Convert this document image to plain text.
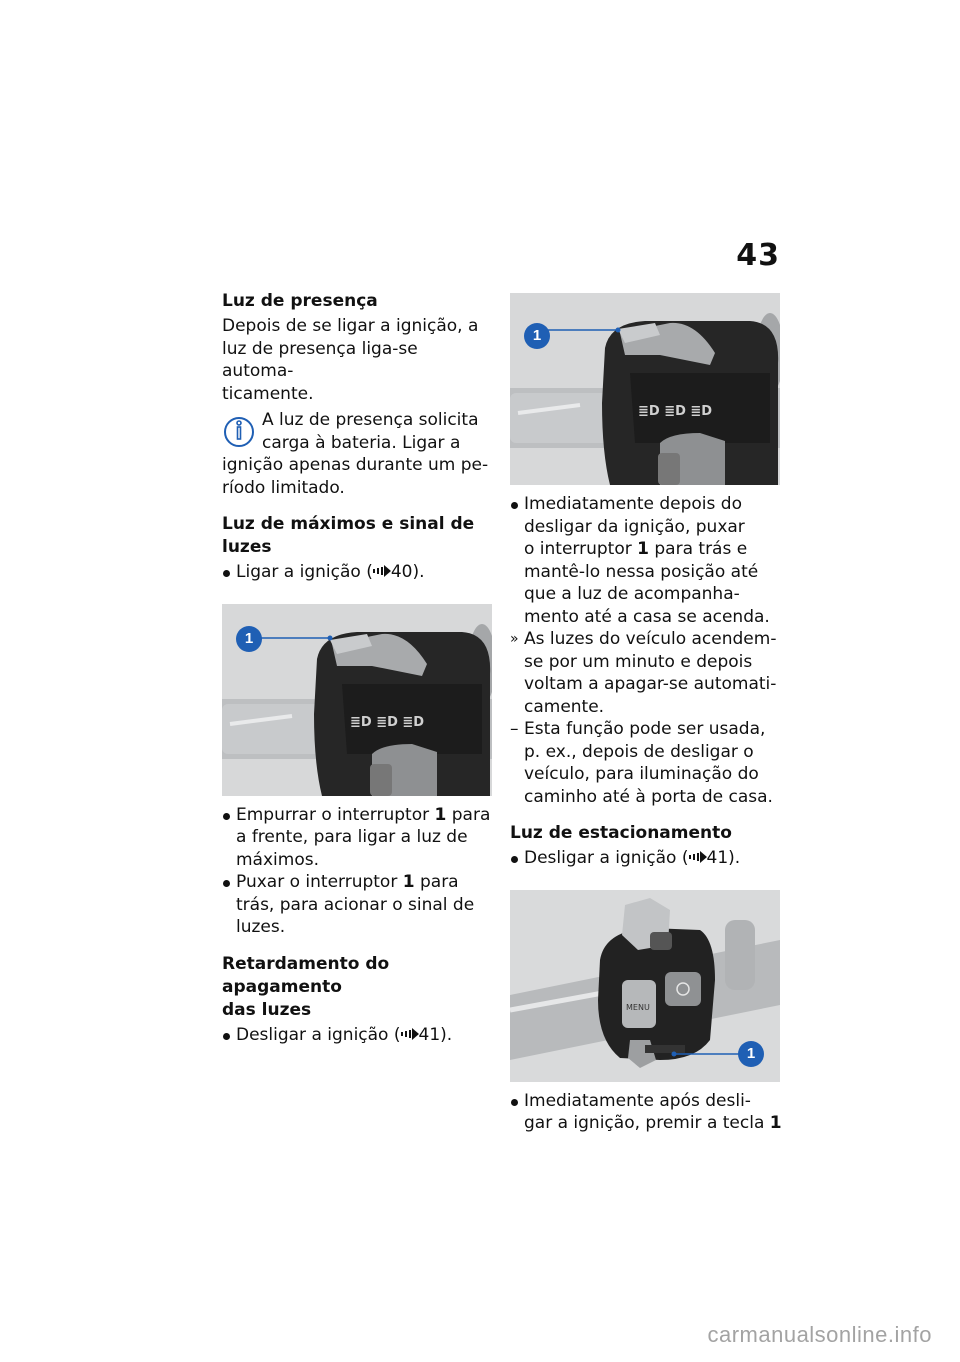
43
Luz de presença

Depois de se ligar a ignição, a

luz de presença liga-se automa-

ticamente.

A luz de presença solicita
carga à bateria. Ligar a
ignição apenas durante um pe-
ríodo limitado.
Luz de máximos e sinal de
luzes
Ligar a ignição ( 40).
≣D ≣D ≣D
1
Empurrar o interruptor 1 para
a frente, para ligar a luz de
máximos.
Puxar o interruptor 1 para
trás, para acionar o sinal de
luzes.
Retardamento do apagamento
das luzes
Desligar a ignição ( 41).
≣D ≣D ≣D
1
Imediatamente depois do
desligar da ignição, puxar
o interruptor 1 para trás e
mantê-lo nessa posição até
que a luz de acompanha-
mento até a casa se acenda.
» As luzes do veículo acendem-
se por um minuto e depois
voltam a apagar-se automati-
camente.
– Esta função pode ser usada,
p. ex., depois de desligar o
veículo, para iluminação do
caminho até à porta de casa.
Luz de estacionamento
Desligar a ignição ( 41).
MENU
1
Imediatamente após desli-
gar a ignição, premir a tecla 1
carmanualsonline.info
